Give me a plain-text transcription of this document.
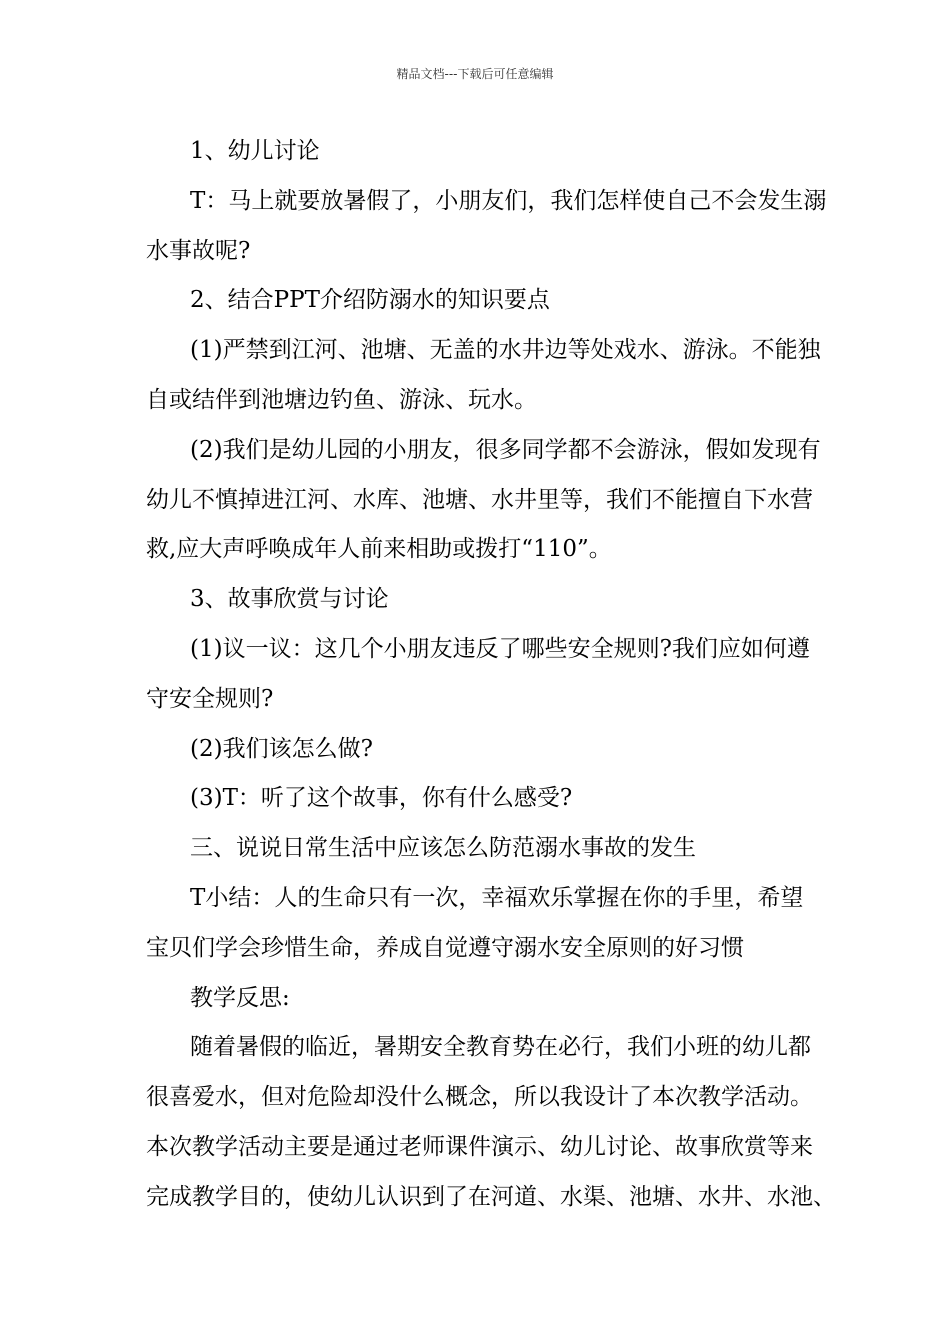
精品文档---下载后可任意编辑

1、幼儿讨论

T：马上就要放暑假了，小朋友们，我们怎样使自己不会发生溺
水事故呢?

2、结合PPT介绍防溺水的知识要点

(1)严禁到江河、池塘、无盖的水井边等处戏水、游泳。不能独
自或结伴到池塘边钓鱼、游泳、玩水。

(2)我们是幼儿园的小朋友，很多同学都不会游泳，假如发现有
幼儿不慎掉进江河、水库、池塘、水井里等，我们不能擅自下水营
救,应大声呼唤成年人前来相助或拨打“110”。

3、故事欣赏与讨论

(1)议一议：这几个小朋友违反了哪些安全规则?我们应如何遵
守安全规则?

(2)我们该怎么做?

(3)T：听了这个故事，你有什么感受?

三、说说日常生活中应该怎么防范溺水事故的发生

T小结：人的生命只有一次，幸福欢乐掌握在你的手里，希望
宝贝们学会珍惜生命，养成自觉遵守溺水安全原则的好习惯

教学反思:

随着暑假的临近，暑期安全教育势在必行，我们小班的幼儿都
很喜爱水，但对危险却没什么概念，所以我设计了本次教学活动。
本次教学活动主要是通过老师课件演示、幼儿讨论、故事欣赏等来
完成教学目的，使幼儿认识到了在河道、水渠、池塘、水井、水池、
